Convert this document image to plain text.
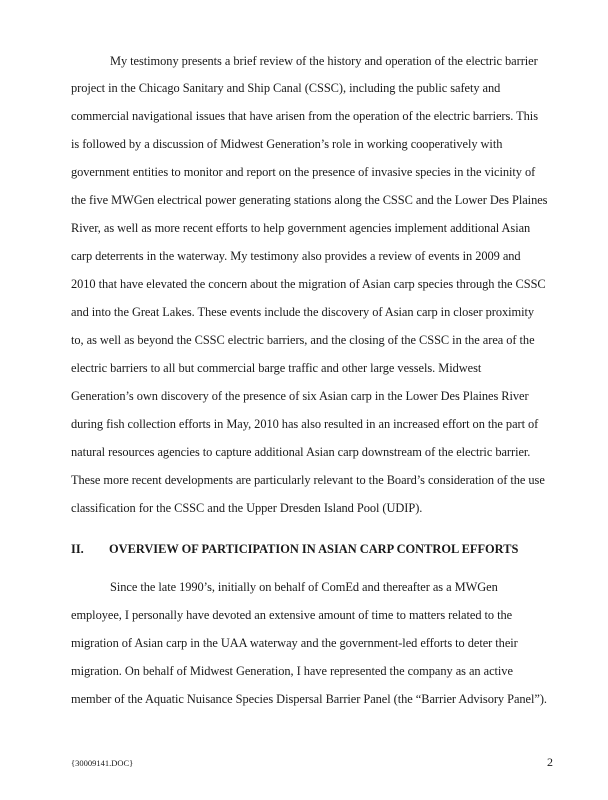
My testimony presents a brief review of the history and operation of the electric barrier
project in the Chicago Sanitary and Ship Canal (CSSC), including the public safety and
commercial navigational issues that have arisen from the operation of the electric barriers. This
is followed by a discussion of Midwest Generation’s role in working cooperatively with
government entities to monitor and report on the presence of invasive species in the vicinity of
the five MWGen electrical power generating stations along the CSSC and the Lower Des Plaines
River, as well as more recent efforts to help government agencies implement additional Asian
carp deterrents in the waterway. My testimony also provides a review of events in 2009 and
2010 that have elevated the concern about the migration of Asian carp species through the CSSC
and into the Great Lakes. These events include the discovery of Asian carp in closer proximity
to, as well as beyond the CSSC electric barriers, and the closing of the CSSC in the area of the
electric barriers to all but commercial barge traffic and other large vessels. Midwest
Generation’s own discovery of the presence of six Asian carp in the Lower Des Plaines River
during fish collection efforts in May, 2010 has also resulted in an increased effort on the part of
natural resources agencies to capture additional Asian carp downstream of the electric barrier.
These more recent developments are particularly relevant to the Board’s consideration of the use
classification for the CSSC and the Upper Dresden Island Pool (UDIP).
II. OVERVIEW OF PARTICIPATION IN ASIAN CARP CONTROL EFFORTS
Since the late 1990’s, initially on behalf of ComEd and thereafter as a MWGen
employee, I personally have devoted an extensive amount of time to matters related to the
migration of Asian carp in the UAA waterway and the government-led efforts to deter their
migration. On behalf of Midwest Generation, I have represented the company as an active
member of the Aquatic Nuisance Species Dispersal Barrier Panel (the “Barrier Advisory Panel”).
{30009141.DOC}	2
